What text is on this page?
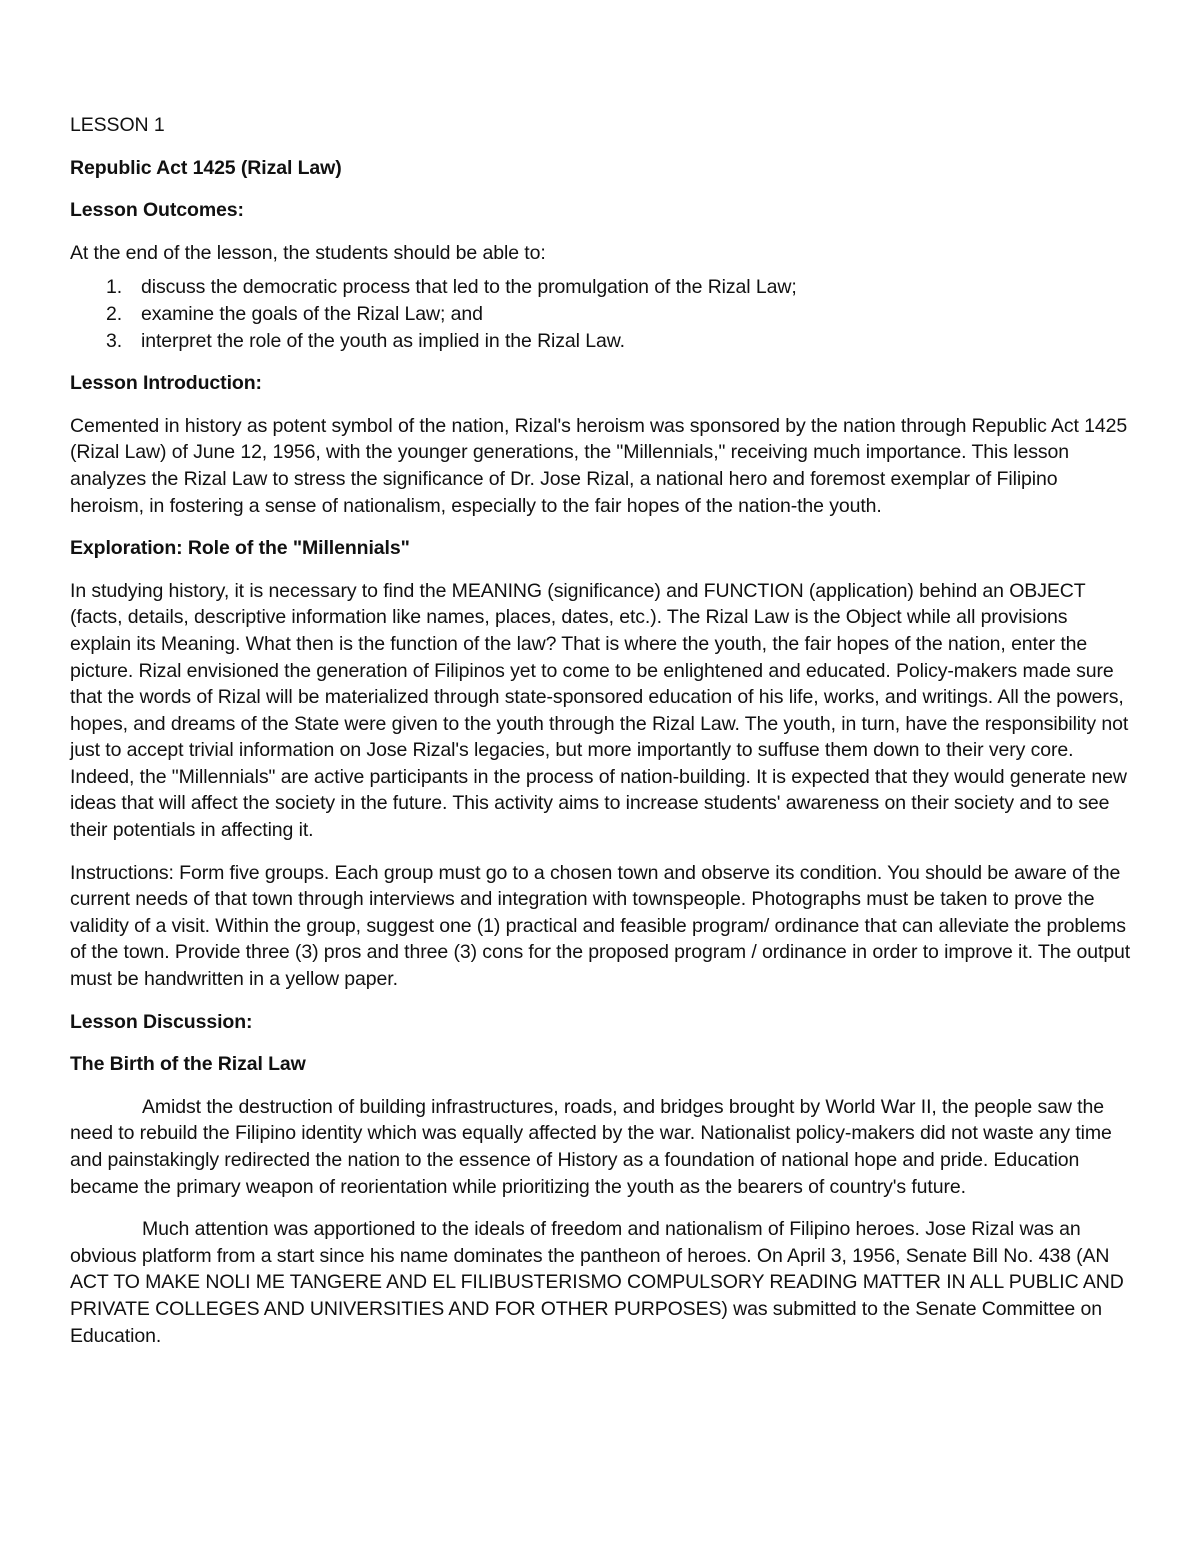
LESSON 1
Republic Act 1425 (Rizal Law)
Lesson Outcomes:
At the end of the lesson, the students should be able to:
1. discuss the democratic process that led to the promulgation of the Rizal Law;
2. examine the goals of the Rizal Law; and
3. interpret the role of the youth as implied in the Rizal Law.
Lesson Introduction:
Cemented in history as potent symbol of the nation, Rizal's heroism was sponsored by the nation through Republic Act 1425 (Rizal Law) of June 12, 1956, with the younger generations, the "Millennials," receiving much importance. This lesson analyzes the Rizal Law to stress the significance of Dr. Jose Rizal, a national hero and foremost exemplar of Filipino heroism, in fostering a sense of nationalism, especially to the fair hopes of the nation-the youth.
Exploration: Role of the "Millennials"
In studying history, it is necessary to find the MEANING (significance) and FUNCTION (application) behind an OBJECT (facts, details, descriptive information like names, places, dates, etc.). The Rizal Law is the Object while all provisions explain its Meaning. What then is the function of the law? That is where the youth, the fair hopes of the nation, enter the picture. Rizal envisioned the generation of Filipinos yet to come to be enlightened and educated. Policy-makers made sure that the words of Rizal will be materialized through state-sponsored education of his life, works, and writings. All the powers, hopes, and dreams of the State were given to the youth through the Rizal Law. The youth, in turn, have the responsibility not just to accept trivial information on Jose Rizal's legacies, but more importantly to suffuse them down to their very core. Indeed, the "Millennials" are active participants in the process of nation-building. It is expected that they would generate new ideas that will affect the society in the future. This activity aims to increase students' awareness on their society and to see their potentials in affecting it.
Instructions: Form five groups. Each group must go to a chosen town and observe its condition. You should be aware of the current needs of that town through interviews and integration with townspeople. Photographs must be taken to prove the validity of a visit. Within the group, suggest one (1) practical and feasible program/ ordinance that can alleviate the problems of the town. Provide three (3) pros and three (3) cons for the proposed program / ordinance in order to improve it. The output must be handwritten in a yellow paper.
Lesson Discussion:
The Birth of the Rizal Law
Amidst the destruction of building infrastructures, roads, and bridges brought by World War II, the people saw the need to rebuild the Filipino identity which was equally affected by the war. Nationalist policy-makers did not waste any time and painstakingly redirected the nation to the essence of History as a foundation of national hope and pride. Education became the primary weapon of reorientation while prioritizing the youth as the bearers of country's future.
Much attention was apportioned to the ideals of freedom and nationalism of Filipino heroes. Jose Rizal was an obvious platform from a start since his name dominates the pantheon of heroes. On April 3, 1956, Senate Bill No. 438 (AN ACT TO MAKE NOLI ME TANGERE AND EL FILIBUSTERISMO COMPULSORY READING MATTER IN ALL PUBLIC AND PRIVATE COLLEGES AND UNIVERSITIES AND FOR OTHER PURPOSES) was submitted to the Senate Committee on Education.
